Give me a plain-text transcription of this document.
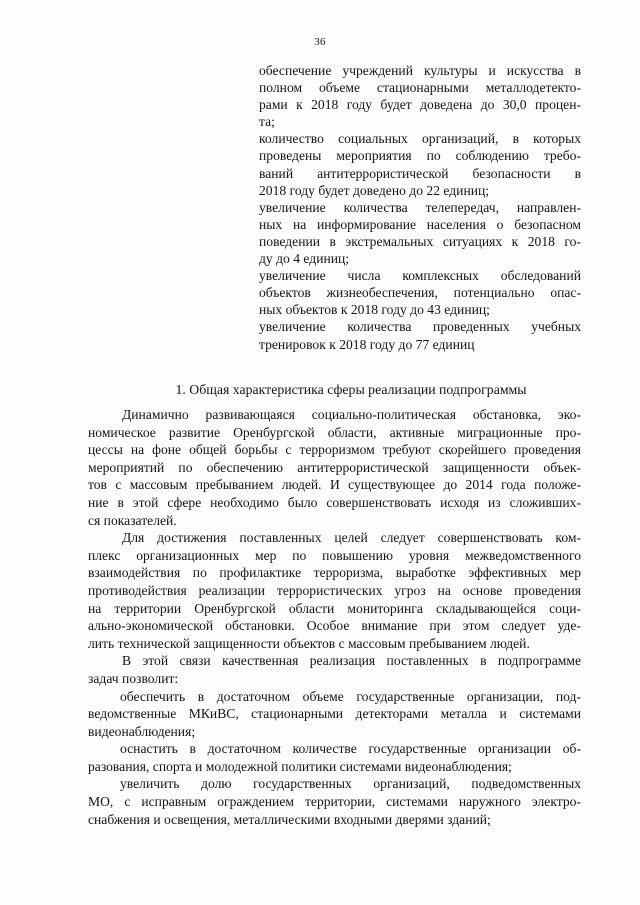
36
обеспечение учреждений культуры и искусства в
полном объеме стационарными металлодетекто-
рами к 2018 году будет доведена до 30,0 процен-
та;
количество социальных организаций, в которых
проведены мероприятия по соблюдению требо-
ваний антитеррористической безопасности в
2018 году будет доведено до 22 единиц;
увеличение количества телепередач, направлен-
ных на информирование населения о безопасном
поведении в экстремальных ситуациях к 2018 го-
ду до 4 единиц;
увеличение числа комплексных обследований
объектов жизнеобеспечения, потенциально опас-
ных объектов к 2018 году до 43 единиц;
увеличение количества проведенных учебных
тренировок к 2018 году до 77 единиц
1. Общая характеристика сферы реализации подпрограммы
Динамично развивающаяся социально-политическая обстановка, эко-
номическое развитие Оренбургской области, активные миграционные про-
цессы на фоне общей борьбы с терроризмом требуют скорейшего проведения
мероприятий по обеспечению антитеррористической защищенности объек-
тов с массовым пребыванием людей. И существующее до 2014 года положе-
ние в этой сфере необходимо было совершенствовать исходя из сложивших-
ся показателей.
Для достижения поставленных целей следует совершенствовать ком-
плекс организационных мер по повышению уровня межведомственного
взаимодействия по профилактике терроризма, выработке эффективных мер
противодействия реализации террористических угроз на основе проведения
на территории Оренбургской области мониторинга складывающейся соци-
ально-экономической обстановки. Особое внимание при этом следует уде-
лить технической защищенности объектов с массовым пребыванием людей.
В этой связи качественная реализация поставленных в подпрограмме
задач позволит:
обеспечить в достаточном объеме государственные организации, под-
ведомственные МКиВС, стационарными детекторами металла и системами
видеонаблюдения;
оснастить в достаточном количестве государственные организации об-
разования, спорта и молодежной политики системами видеонаблюдения;
увеличить долю государственных организаций, подведомственных
МО, с исправным ограждением территории, системами наружного электро-
снабжения и освещения, металлическими входными дверями зданий;
